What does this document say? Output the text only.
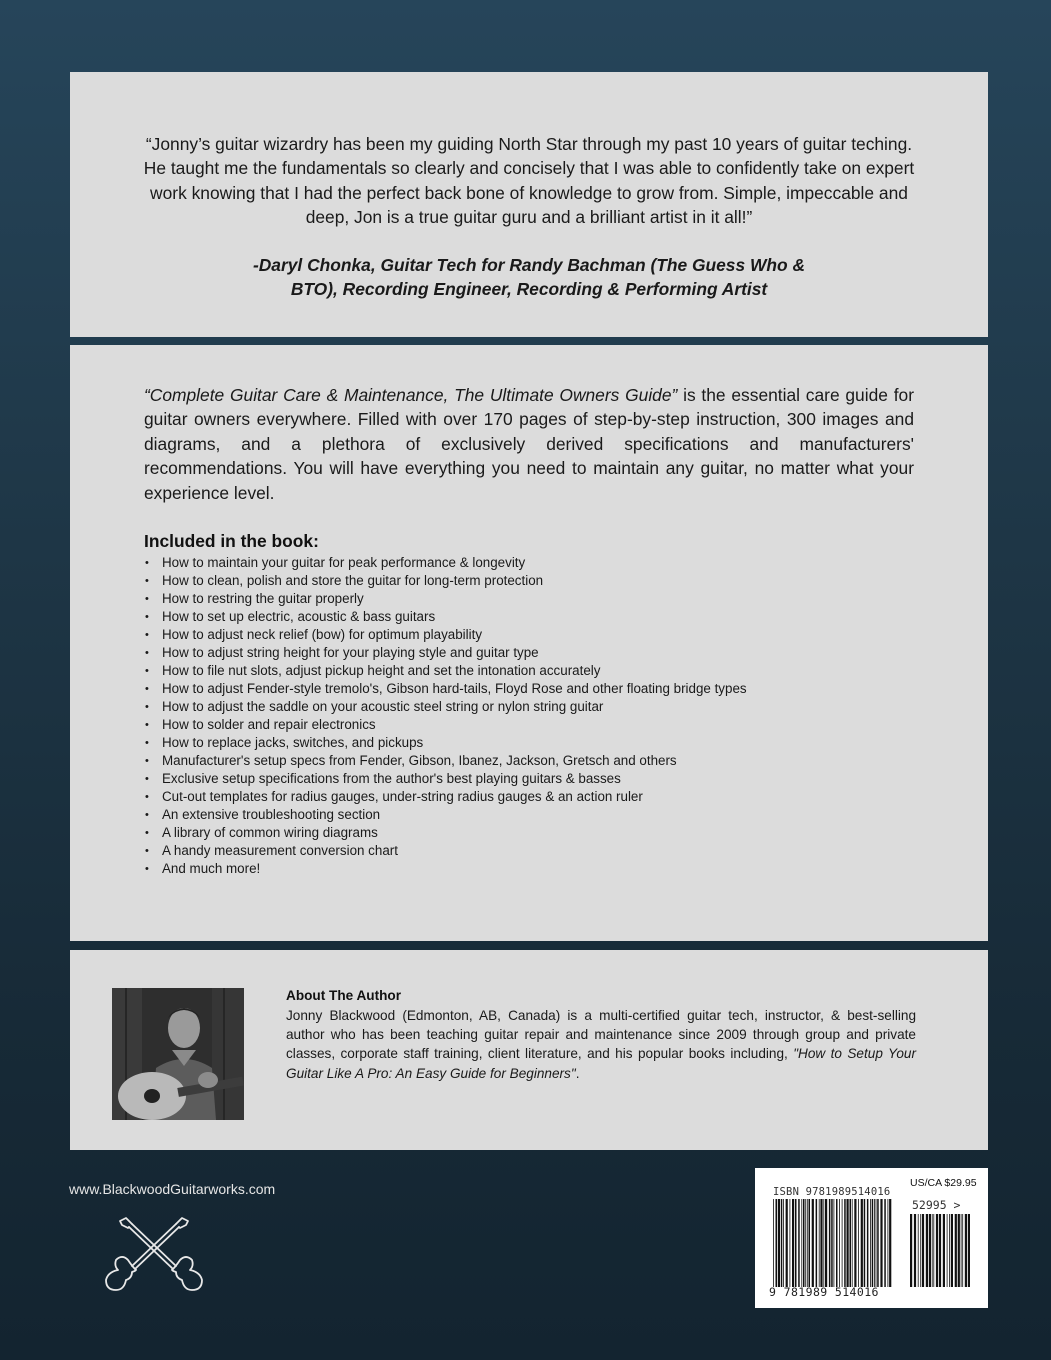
“Jonny’s guitar wizardry has been my guiding North Star through my past 10 years of guitar teching. He taught me the fundamentals so clearly and concisely that I was able to confidently take on expert work knowing that I had the perfect back bone of knowledge to grow from. Simple, impeccable and deep, Jon is a true guitar guru and a brilliant artist in it all!”

-Daryl Chonka, Guitar Tech for Randy Bachman (The Guess Who &
BTO), Recording Engineer, Recording & Performing Artist

“Complete Guitar Care & Maintenance, The Ultimate Owners Guide” is the essential care guide for guitar owners everywhere. Filled with over 170 pages of step-by-step instruction, 300 images and diagrams, and a plethora of exclusively derived specifications and manufacturers' recommendations. You will have everything you need to maintain any guitar, no matter what your experience level.

Included in the book:
• How to maintain your guitar for peak performance & longevity
• How to clean, polish and store the guitar for long-term protection
• How to restring the guitar properly
• How to set up electric, acoustic & bass guitars
• How to adjust neck relief (bow) for optimum playability
• How to adjust string height for your playing style and guitar type
• How to file nut slots, adjust pickup height and set the intonation accurately
• How to adjust Fender-style tremolo's, Gibson hard-tails, Floyd Rose and other floating bridge types
• How to adjust the saddle on your acoustic steel string or nylon string guitar
• How to solder and repair electronics
• How to replace jacks, switches, and pickups
• Manufacturer's setup specs from Fender, Gibson, Ibanez, Jackson, Gretsch and others
• Exclusive setup specifications from the author's best playing guitars & basses
• Cut-out templates for radius gauges, under-string radius gauges & an action ruler
• An extensive troubleshooting section
• A library of common wiring diagrams
• A handy measurement conversion chart
• And much more!
About The Author

Jonny Blackwood (Edmonton, AB, Canada) is a multi-certified guitar tech, instructor, & best-selling author who has been teaching guitar repair and maintenance since 2009 through group and private classes, corporate staff training, client literature, and his popular books including, "How to Setup Your Guitar Like A Pro: An Easy Guide for Beginners".

www.BlackwoodGuitarworks.com	US/CA $29.95
ISBN 9781989514016
52995 >
9 781989 514016
